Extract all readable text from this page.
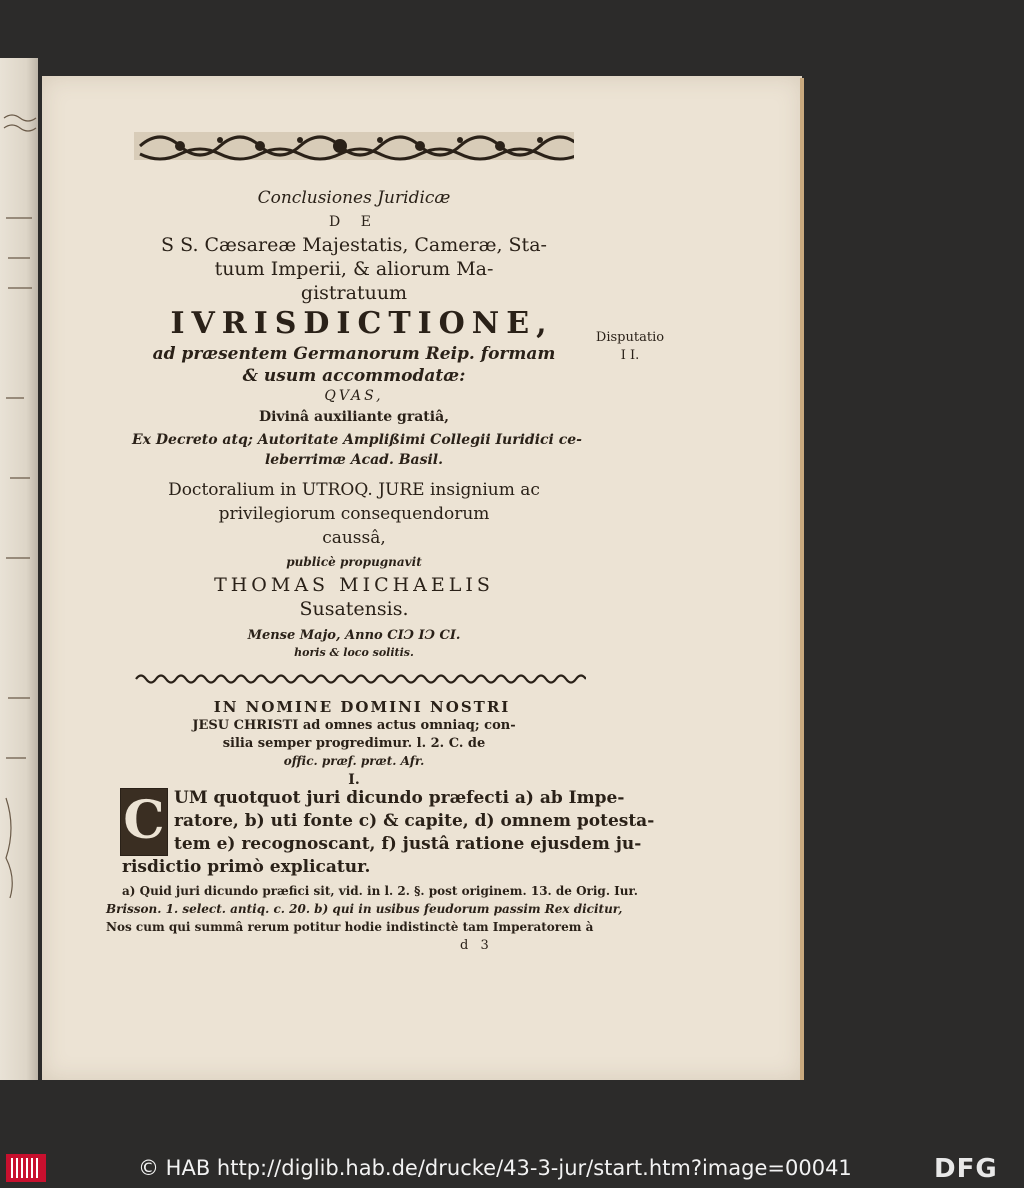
Conclusiones Juridicæ
D E
S S. Cæsareæ Majestatis, Cameræ, Sta-
tuum Imperii, & aliorum Ma-
gistratuum
IVRISDICTIONE,
ad præsentem Germanorum Reip. formam
& usum accommodatæ:
QVAS,
Divinâ auxiliante gratiâ,
Ex Decreto atq; Autoritate Amplißimi Collegii Iuridici ce-
leberrimæ Acad. Basil.
Doctoralium in UTROQ. JURE insignium ac
privilegiorum consequendorum
caussâ,
publicè propugnavit
THOMAS MICHAELIS
Susatensis.
Mense Majo, Anno CIƆ IƆ CI.
horis & loco solitis.
IN NOMINE DOMINI NOSTRI
JESU CHRISTI ad omnes actus omniaq; con-
silia semper progredimur. l. 2. C. de
offic. præf. præt. Afr.
I.
C UM quotquot juri dicundo præfecti a) ab Impe-
ratore, b) uti fonte c) & capite, d) omnem potesta-
tem e) recognoscant, f) justâ ratione ejusdem ju-
risdictio primò explicatur.
a) Quid juri dicundo præfici sit, vid. in l. 2. §. post originem. 13. de Orig. Iur.
Brisson. 1. select. antiq. c. 20. b) qui in usibus feudorum passim Rex dicitur,
Nos cum qui summâ rerum potitur hodie indistinctè tam Imperatorem à
d 3
Disputatio
I I.
© HAB http://diglib.hab.de/drucke/43-3-jur/start.htm?image=00041	DFG
